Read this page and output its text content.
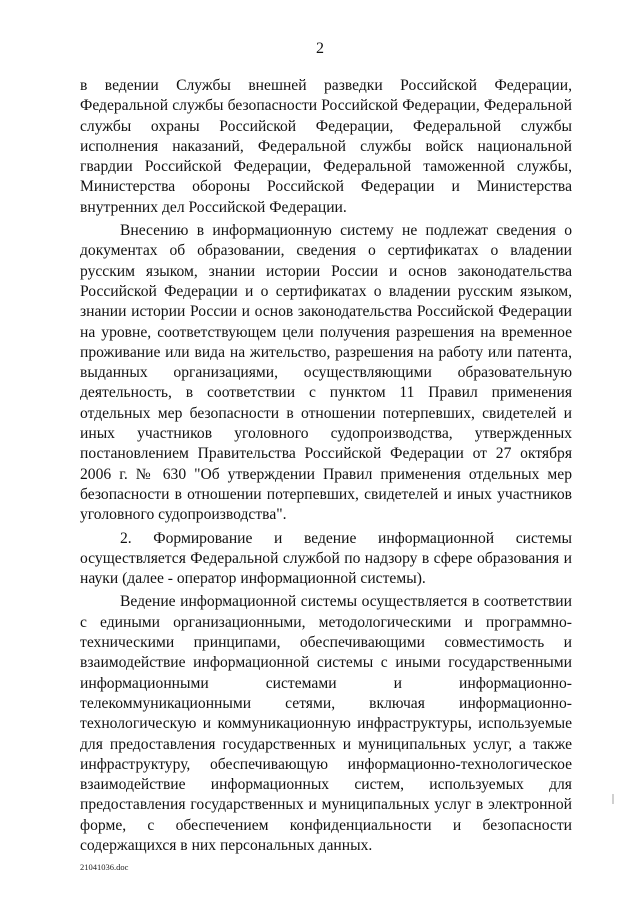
2

в ведении Службы внешней разведки Российской Федерации, Федеральной службы безопасности Российской Федерации, Федеральной службы охраны Российской Федерации, Федеральной службы исполнения наказаний, Федеральной службы войск национальной гвардии Российской Федерации, Федеральной таможенной службы, Министерства обороны Российской Федерации и Министерства внутренних дел Российской Федерации.

Внесению в информационную систему не подлежат сведения о документах об образовании, сведения о сертификатах о владении русским языком, знании истории России и основ законодательства Российской Федерации и о сертификатах о владении русским языком, знании истории России и основ законодательства Российской Федерации на уровне, соответствующем цели получения разрешения на временное проживание или вида на жительство, разрешения на работу или патента, выданных организациями, осуществляющими образовательную деятельность, в соответствии с пунктом 11 Правил применения отдельных мер безопасности в отношении потерпевших, свидетелей и иных участников уголовного судопроизводства, утвержденных постановлением Правительства Российской Федерации от 27 октября 2006 г. № 630 "Об утверждении Правил применения отдельных мер безопасности в отношении потерпевших, свидетелей и иных участников уголовного судопроизводства".

2. Формирование и ведение информационной системы осуществляется Федеральной службой по надзору в сфере образования и науки (далее - оператор информационной системы).

Ведение информационной системы осуществляется в соответствии с едиными организационными, методологическими и программно-техническими принципами, обеспечивающими совместимость и взаимодействие информационной системы с иными государственными информационными системами и информационно-телекоммуникационными сетями, включая информационно-технологическую и коммуникационную инфраструктуры, используемые для предоставления государственных и муниципальных услуг, а также инфраструктуру, обеспечивающую информационно-технологическое взаимодействие информационных систем, используемых для предоставления государственных и муниципальных услуг в электронной форме, с обеспечением конфиденциальности и безопасности содержащихся в них персональных данных.

21041036.doc
